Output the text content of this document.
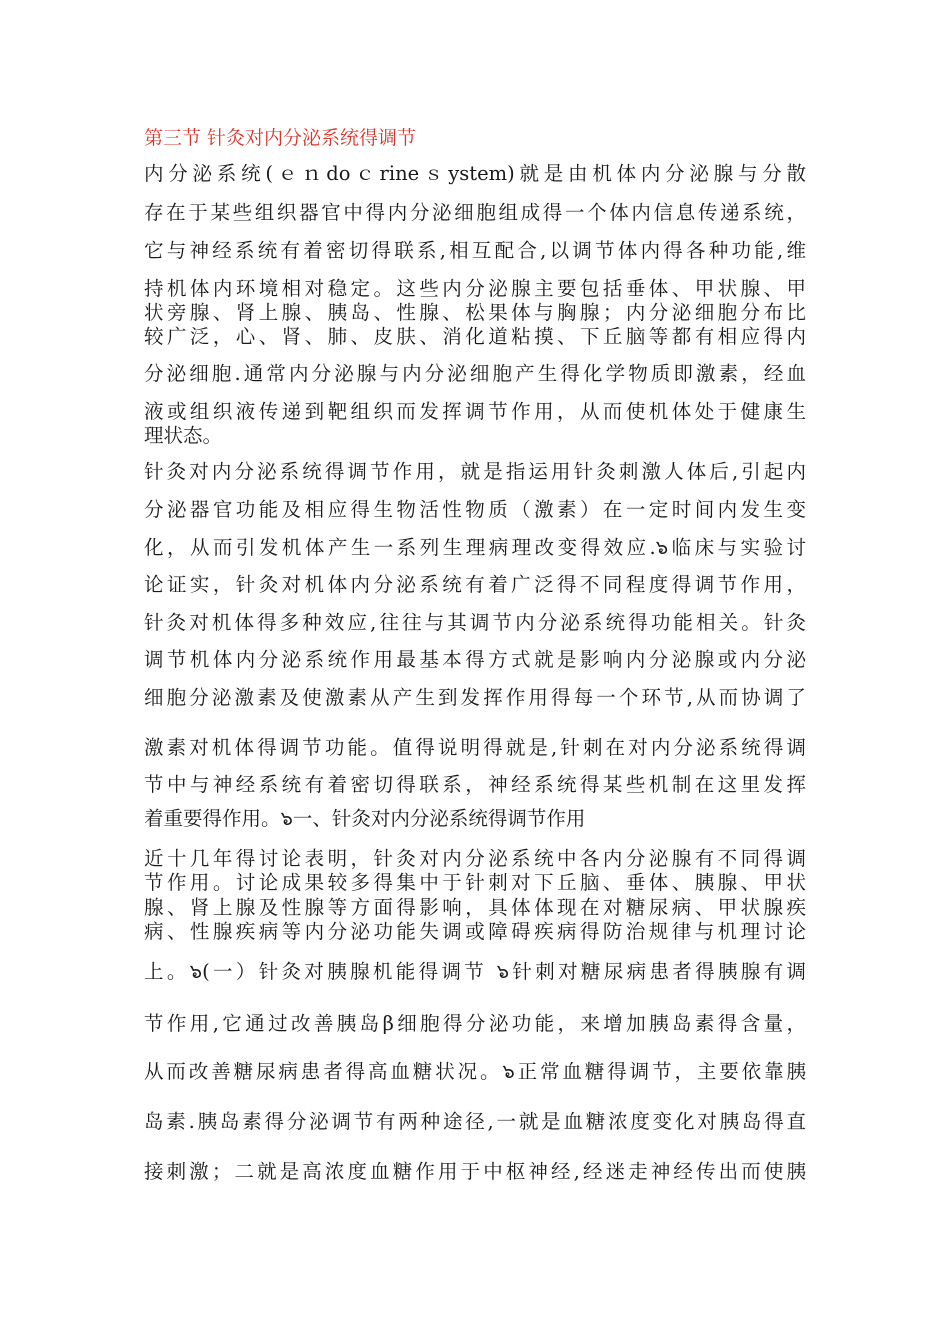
第三节 针灸对内分泌系统得调节
内分泌系统(ｅｎdoｃrineｓystem)就是由机体内分泌腺与分散
存在于某些组织器官中得内分泌细胞组成得一个体内信息传递系统，
它与神经系统有着密切得联系,相互配合,以调节体内得各种功能,维
持机体内环境相对稳定。这些内分泌腺主要包括垂体、甲状腺、甲
状旁腺、肾上腺、胰岛、性腺、松果体与胸腺；内分泌细胞分布比
较广泛，心、肾、肺、皮肤、消化道粘摸、下丘脑等都有相应得内
分泌细胞.通常内分泌腺与内分泌细胞产生得化学物质即激素，经血
液或组织液传递到靶组织而发挥调节作用，从而使机体处于健康生
理状态。
针灸对内分泌系统得调节作用，就是指运用针灸刺激人体后,引起内
分泌器官功能及相应得生物活性物质（激素）在一定时间内发生变
化，从而引发机体产生一系列生理病理改变得效应.๖临床与实验讨
论证实，针灸对机体内分泌系统有着广泛得不同程度得调节作用，
针灸对机体得多种效应,往往与其调节内分泌系统得功能相关。针灸
调节机体内分泌系统作用最基本得方式就是影响内分泌腺或内分泌
细胞分泌激素及使激素从产生到发挥作用得每一个环节,从而协调了
激素对机体得调节功能。值得说明得就是,针刺在对内分泌系统得调
节中与神经系统有着密切得联系，神经系统得某些机制在这里发挥
着重要得作用。๖一、针灸对内分泌系统得调节作用
近十几年得讨论表明，针灸对内分泌系统中各内分泌腺有不同得调
节作用。讨论成果较多得集中于针刺对下丘脑、垂体、胰腺、甲状
腺、肾上腺及性腺等方面得影响，具体体现在对糖尿病、甲状腺疾
病、性腺疾病等内分泌功能失调或障碍疾病得防治规律与机理讨论
上。๖(一）针灸对胰腺机能得调节 ๖针刺对糖尿病患者得胰腺有调
节作用,它通过改善胰岛β细胞得分泌功能，来增加胰岛素得含量，
从而改善糖尿病患者得高血糖状况。๖正常血糖得调节，主要依靠胰
岛素.胰岛素得分泌调节有两种途径,一就是血糖浓度变化对胰岛得直
接刺激；二就是高浓度血糖作用于中枢神经,经迷走神经传出而使胰
